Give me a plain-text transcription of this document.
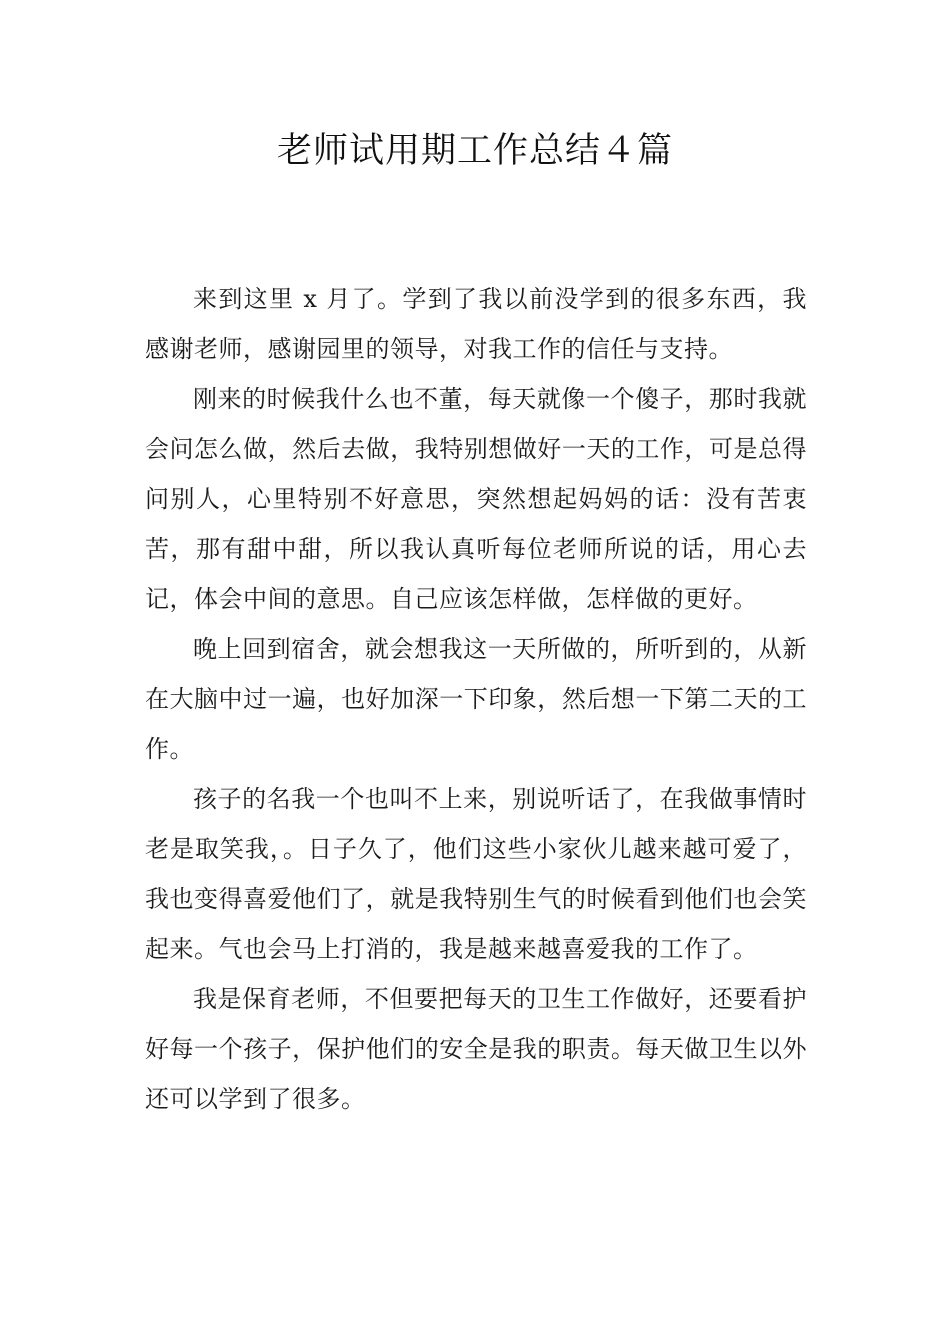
老师试用期工作总结４篇

来到这里 x 月了。学到了我以前没学到的很多东西，我感谢老师，感谢园里的领导，对我工作的信任与支持。

刚来的时候我什么也不董，每天就像一个傻子，那时我就会问怎么做，然后去做，我特别想做好一天的工作，可是总得问别人，心里特别不好意思，突然想起妈妈的话：没有苦衷苦，那有甜中甜，所以我认真听每位老师所说的话，用心去记，体会中间的意思。自己应该怎样做，怎样做的更好。

晚上回到宿舍，就会想我这一天所做的，所听到的，从新在大脑中过一遍，也好加深一下印象，然后想一下第二天的工作。

孩子的名我一个也叫不上来，别说听话了，在我做事情时老是取笑我，。日子久了，他们这些小家伙儿越来越可爱了，我也变得喜爱他们了，就是我特别生气的时候看到他们也会笑起来。气也会马上打消的，我是越来越喜爱我的工作了。

我是保育老师，不但要把每天的卫生工作做好，还要看护好每一个孩子，保护他们的安全是我的职责。每天做卫生以外还可以学到了很多。
